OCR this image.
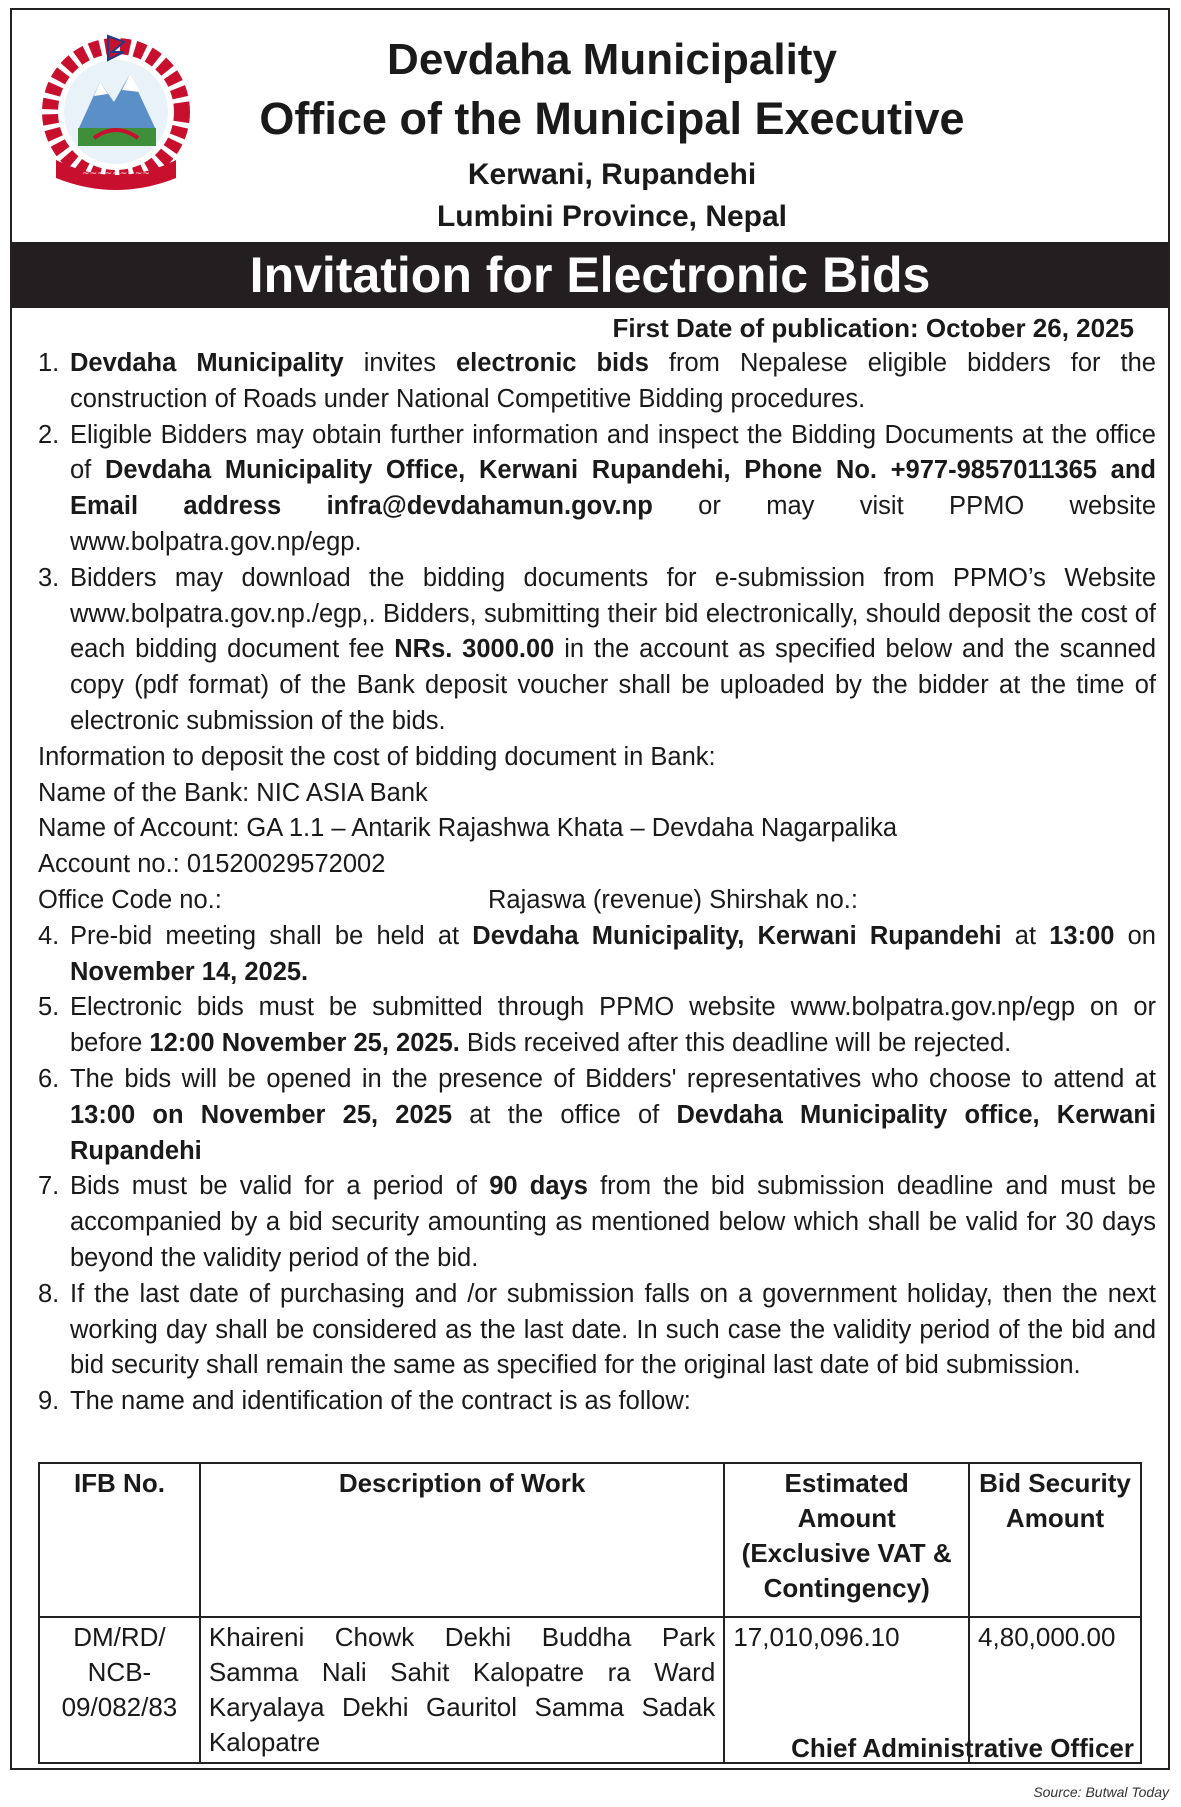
~~~~~~~~~
Devdaha Municipality
Office of the Municipal Executive
Kerwani, Rupandehi
Lumbini Province, Nepal
Invitation for Electronic Bids
First Date of publication: October 26, 2025
1. Devdaha Municipality invites electronic bids from Nepalese eligible bidders for the construction of Roads under National Competitive Bidding procedures.
2. Eligible Bidders may obtain further information and inspect the Bidding Documents at the office of Devdaha Municipality Office, Kerwani Rupandehi, Phone No. +977-9857011365 and Email address infra@devdahamun.gov.np or may visit PPMO website www.bolpatra.gov.np/egp.
3. Bidders may download the bidding documents for e-submission from PPMO’s Website www.bolpatra.gov.np./egp,. Bidders, submitting their bid electronically, should deposit the cost of each bidding document fee NRs. 3000.00 in the account as specified below and the scanned copy (pdf format) of the Bank deposit voucher shall be uploaded by the bidder at the time of electronic submission of the bids.
Information to deposit the cost of bidding document in Bank:
Name of the Bank: NIC ASIA Bank
Name of Account: GA 1.1 – Antarik Rajashwa Khata – Devdaha Nagarpalika
Account no.: 01520029572002
Office Code no.:	Rajaswa (revenue) Shirshak no.:
4. Pre-bid meeting shall be held at Devdaha Municipality, Kerwani Rupandehi at 13:00 on November 14, 2025.
5. Electronic bids must be submitted through PPMO website www.bolpatra.gov.np/egp on or before 12:00 November 25, 2025. Bids received after this deadline will be rejected.
6. The bids will be opened in the presence of Bidders' representatives who choose to attend at 13:00 on November 25, 2025 at the office of Devdaha Municipality office, Kerwani Rupandehi
7. Bids must be valid for a period of 90 days from the bid submission deadline and must be accompanied by a bid security amounting as mentioned below which shall be valid for 30 days beyond the validity period of the bid.
8. If the last date of purchasing and /or submission falls on a government holiday, then the next working day shall be considered as the last date. In such case the validity period of the bid and bid security shall remain the same as specified for the original last date of bid submission.
9. The name and identification of the contract is as follow:
IFB No.	Description of Work	Estimated Amount (Exclusive VAT & Contingency)	Bid Security Amount
DM/RD/ NCB- 09/082/83	Khaireni Chowk Dekhi Buddha Park Samma Nali Sahit Kalopatre ra Ward Karyalaya Dekhi Gauritol Samma Sadak Kalopatre	17,010,096.10	4,80,000.00
Chief Administrative Officer
Source: Butwal Today
